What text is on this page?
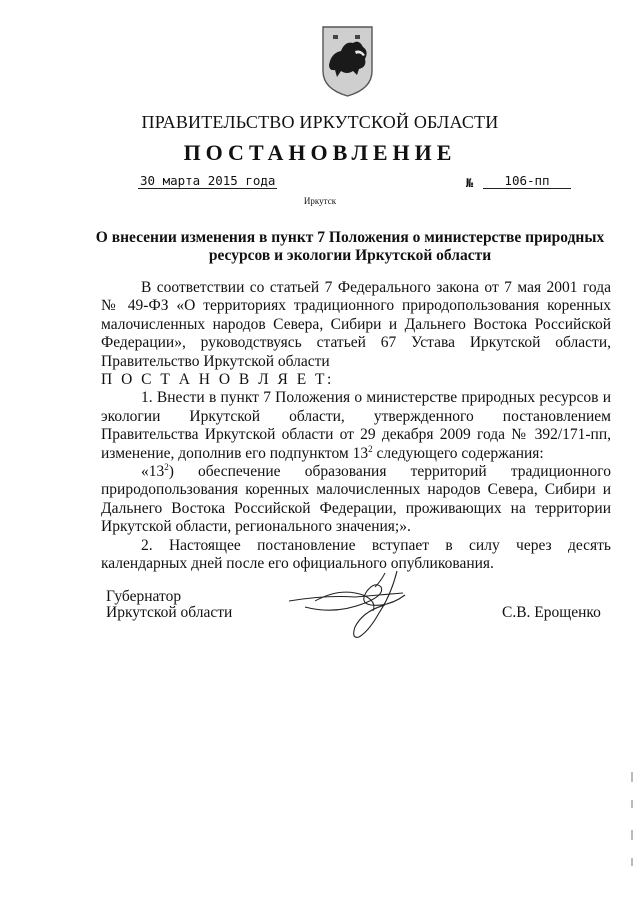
ПРАВИТЕЛЬСТВО ИРКУТСКОЙ ОБЛАСТИ
ПОСТАНОВЛЕНИЕ
30 марта 2015 года	№	106-пп
Иркутск
О внесении изменения в пункт 7 Положения о министерстве природных
ресурсов и экологии Иркутской области

В соответствии со статьей 7 Федерального закона от 7 мая 2001 года № 49-ФЗ «О территориях традиционного природопользования коренных малочисленных народов Севера, Сибири и Дальнего Востока Российской Федерации», руководствуясь статьей 67 Устава Иркутской области, Правительство Иркутской области

П О С Т А Н О В Л Я Е Т:

1. Внести в пункт 7 Положения о министерстве природных ресурсов и экологии Иркутской области, утвержденного постановлением Правительства Иркутской области от 29 декабря 2009 года № 392/171-пп, изменение, дополнив его подпунктом $13^2$ следующего содержания:

«$13^2$) обеспечение образования территорий традиционного природопользования коренных малочисленных народов Севера, Сибири и Дальнего Востока Российской Федерации, проживающих на территории Иркутской области, регионального значения;».

2. Настоящее постановление вступает в силу через десять календарных дней после его официального опубликования.

Губернатор
Иркутской области	С.В. Ерощенко
